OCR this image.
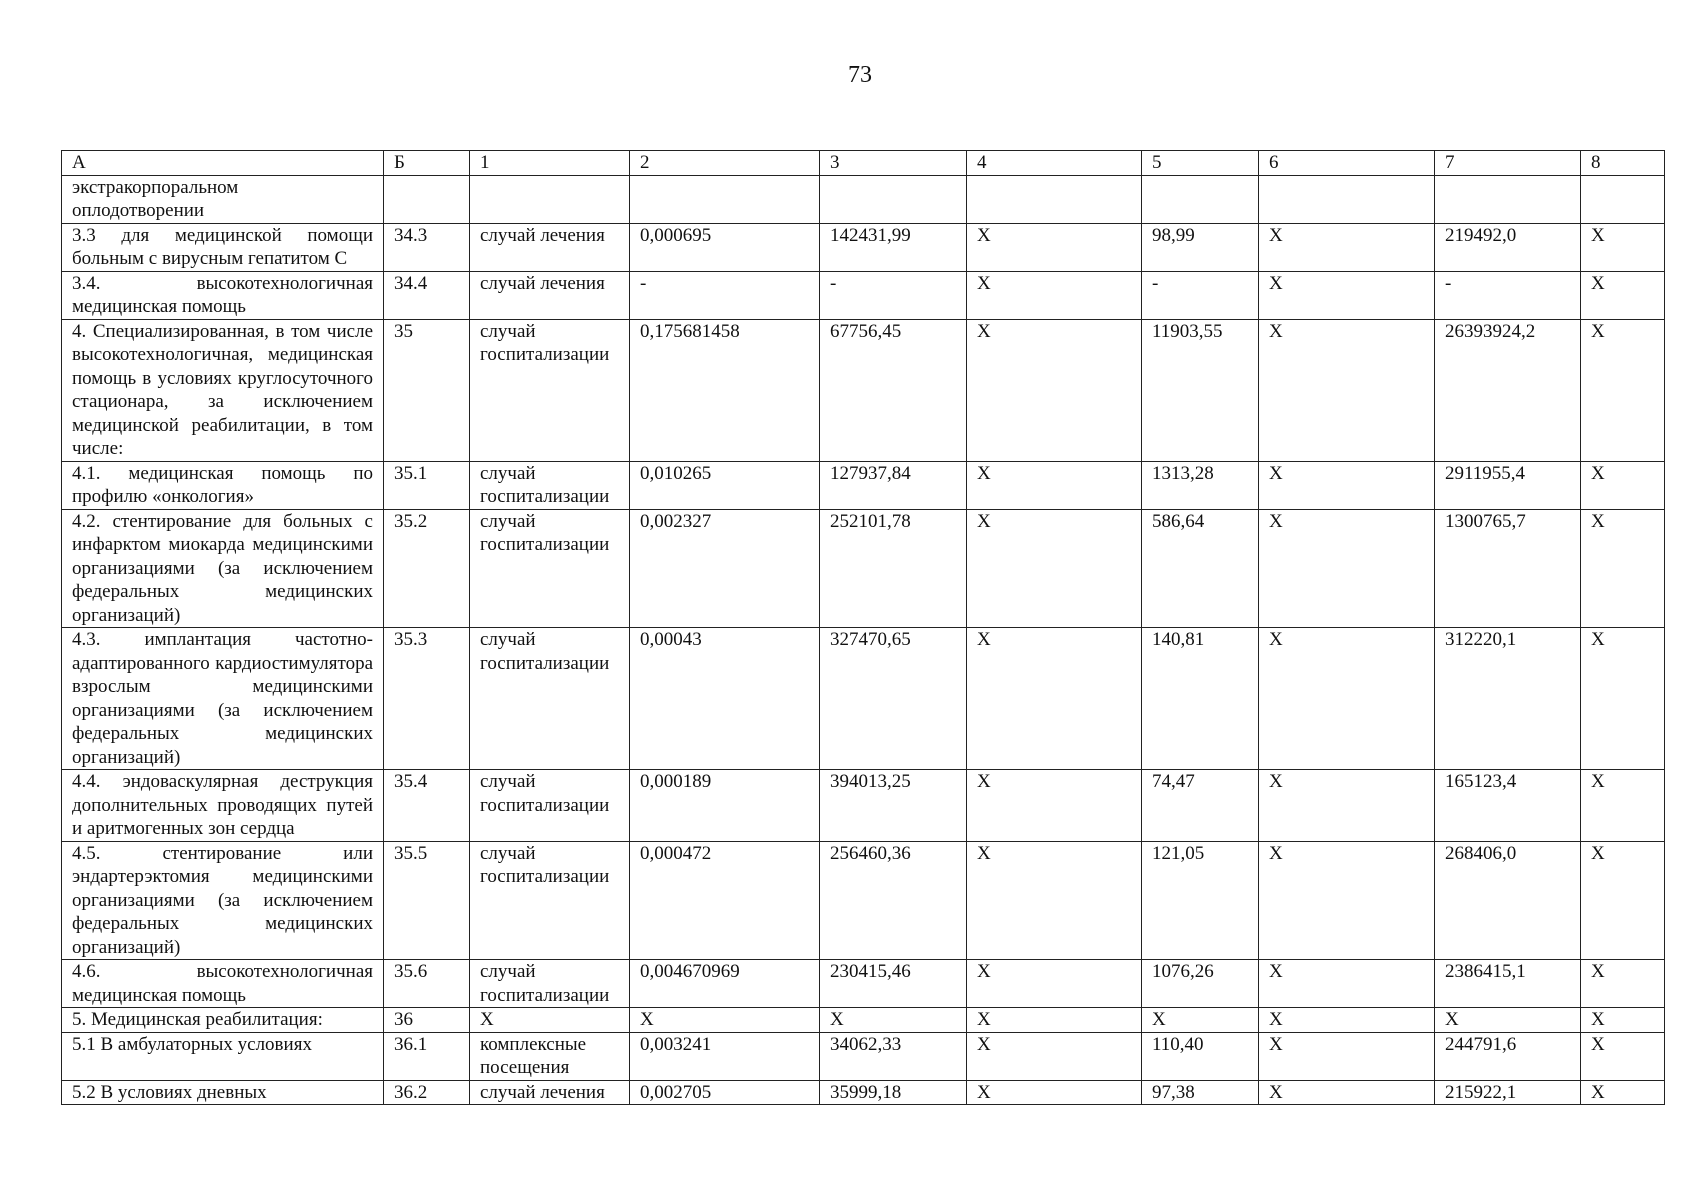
73
А	Б	1	2	3	4	5	6	7	8
экстракорпоральном оплодотворении									
3.3 для медицинской помощи больным с вирусным гепатитом С	34.3	случай лечения	0,000695	142431,99	Х	98,99	Х	219492,0	Х
3.4. высокотехнологичная медицинская помощь	34.4	случай лечения	-	-	Х	-	Х	-	Х
4. Специализированная, в том числе высокотехнологичная, медицинская помощь в условиях круглосуточного стационара, за исключением медицинской реабилитации, в том числе:	35	случай госпитализации	0,175681458	67756,45	Х	11903,55	Х	26393924,2	Х
4.1. медицинская помощь по профилю «онкология»	35.1	случай госпитализации	0,010265	127937,84	Х	1313,28	Х	2911955,4	Х
4.2. стентирование для больных с инфарктом миокарда медицинскими организациями (за исключением федеральных медицинских организаций)	35.2	случай госпитализации	0,002327	252101,78	Х	586,64	Х	1300765,7	Х
4.3. имплантация частотно-адаптированного кардиостимулятора взрослым медицинскими организациями (за исключением федеральных медицинских организаций)	35.3	случай госпитализации	0,00043	327470,65	Х	140,81	Х	312220,1	Х
4.4. эндоваскулярная деструкция дополнительных проводящих путей и аритмогенных зон сердца	35.4	случай госпитализации	0,000189	394013,25	Х	74,47	Х	165123,4	Х
4.5. стентирование или эндартерэктомия медицинскими организациями (за исключением федеральных медицинских организаций)	35.5	случай госпитализации	0,000472	256460,36	Х	121,05	Х	268406,0	Х
4.6. высокотехнологичная медицинская помощь	35.6	случай госпитализации	0,004670969	230415,46	Х	1076,26	Х	2386415,1	Х
5. Медицинская реабилитация:	36	Х	Х	Х	Х	Х	Х	Х	Х
5.1 В амбулаторных условиях	36.1	комплексные посещения	0,003241	34062,33	Х	110,40	Х	244791,6	Х
5.2 В условиях дневных	36.2	случай лечения	0,002705	35999,18	Х	97,38	Х	215922,1	Х
